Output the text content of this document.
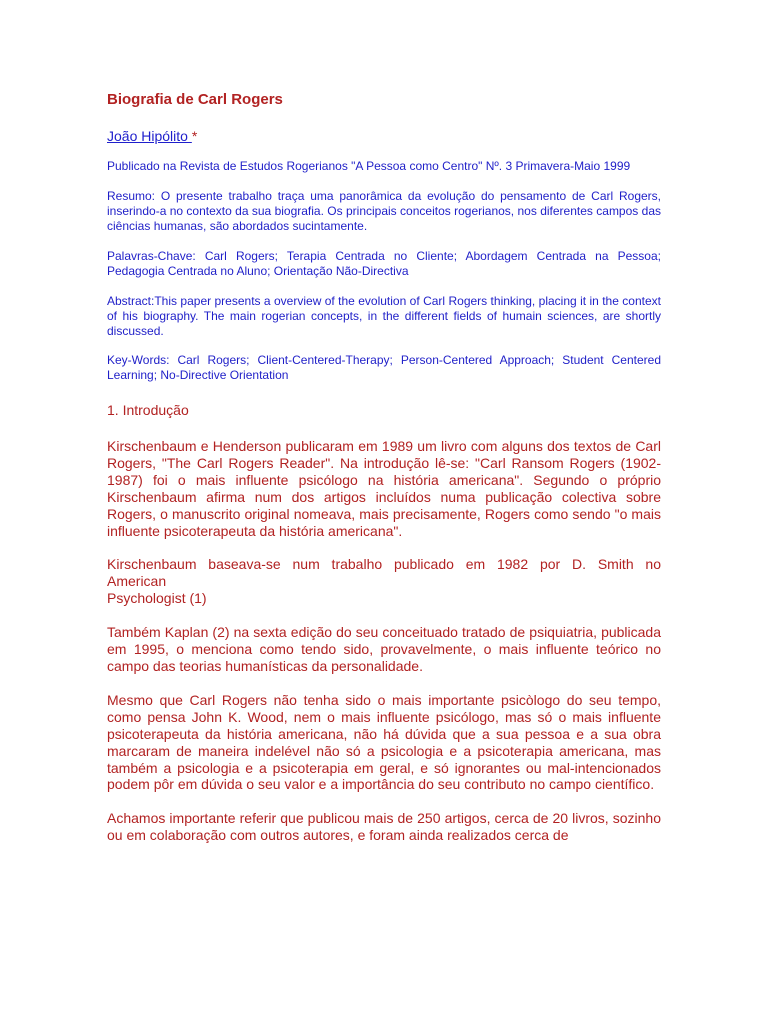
Biografia de Carl Rogers

João Hipólito *

Publicado na Revista de Estudos Rogerianos "A Pessoa como Centro" Nº. 3 Primavera-Maio 1999

Resumo: O presente trabalho traça uma panorâmica da evolução do pensamento de Carl Rogers, inserindo-a no contexto da sua biografia. Os principais conceitos rogerianos, nos diferentes campos das ciências humanas, são abordados sucintamente.

Palavras-Chave: Carl Rogers; Terapia Centrada no Cliente; Abordagem Centrada na Pessoa; Pedagogia Centrada no Aluno; Orientação Não-Directiva

Abstract:This paper presents a overview of the evolution of Carl Rogers thinking, placing it in the context of his biography. The main rogerian concepts, in the different fields of humain sciences, are shortly discussed.

Key-Words: Carl Rogers; Client-Centered-Therapy; Person-Centered Approach; Student Centered Learning; No-Directive Orientation

1. Introdução

Kirschenbaum e Henderson publicaram em 1989 um livro com alguns dos textos de Carl Rogers, "The Carl Rogers Reader". Na introdução lê-se: "Carl Ransom Rogers (1902-1987) foi o mais influente psicólogo na história americana". Segundo o próprio Kirschenbaum afirma num dos artigos incluídos numa publicação colectiva sobre Rogers, o manuscrito original nomeava, mais precisamente, Rogers como sendo "o mais influente psicoterapeuta da história americana".

Kirschenbaum baseava-se num trabalho publicado em 1982 por D. Smith no
American
Psychologist (1)

Também Kaplan (2) na sexta edição do seu conceituado tratado de psiquiatria, publicada em 1995, o menciona como tendo sido, provavelmente, o mais influente teórico no campo das teorias humanísticas da personalidade.

Mesmo que Carl Rogers não tenha sido o mais importante psicòlogo do seu tempo, como pensa John K. Wood, nem o mais influente psicólogo, mas só o mais influente psicoterapeuta da história americana, não há dúvida que a sua pessoa e a sua obra marcaram de maneira indelével não só a psicologia e a psicoterapia americana, mas também a psicologia e a psicoterapia em geral, e só ignorantes ou mal-intencionados podem pôr em dúvida o seu valor e a importância do seu contributo no campo científico.

Achamos importante referir que publicou mais de 250 artigos, cerca de 20 livros, sozinho ou em colaboração com outros autores, e foram ainda realizados cerca de
